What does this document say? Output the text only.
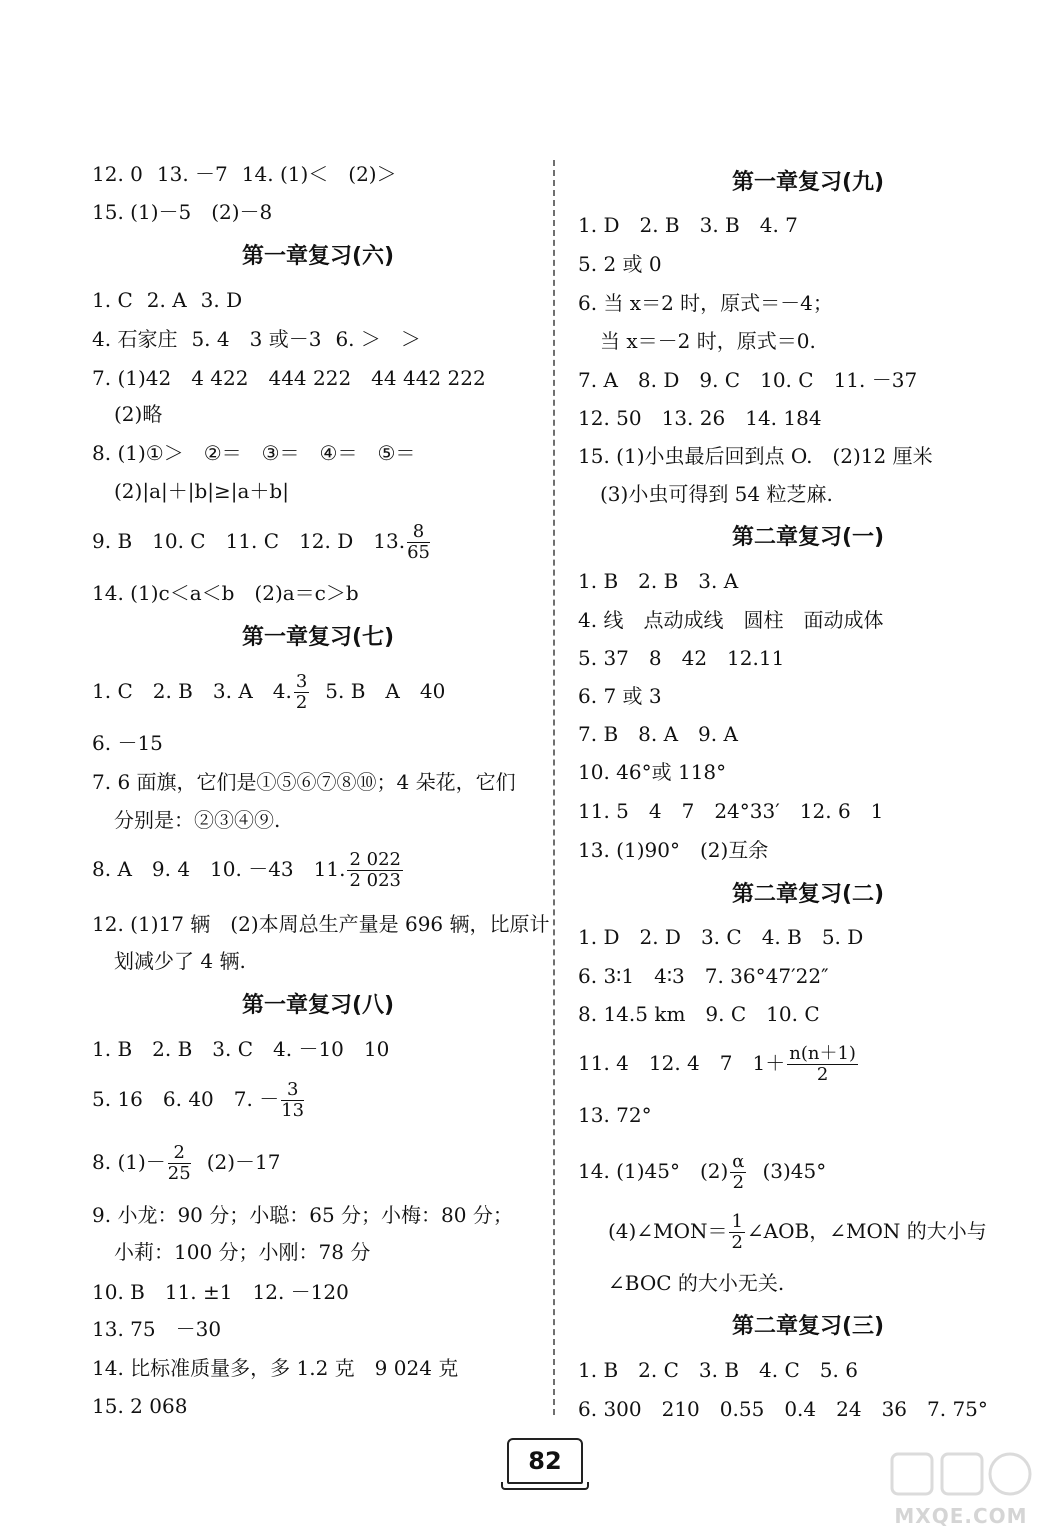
12. 0 13. －7 14. (1)＜　(2)＞
15. (1)－5　(2)－8
第一章复习(六)
1. C 2. A 3. D
4. 石家庄 5. 4　3 或－3 6. ＞　＞
7. (1)42　4 422　444 222　44 442 222
(2)略
8. (1)①＞　②＝　③＝　④＝　⑤＝
(2)|a|＋|b|≥|a＋b|
9. B　10. C　11. C　12. D　13. $\frac{8}{65}$
14. (1)c＜a＜b　(2)a＝c＞b
第一章复习(七)
1. C　2. B　3. A　4. $\frac{3}{2} 5$. B　A　40
6. －15
7. 6 面旗，它们是①⑤⑥⑦⑧⑩；4 朵花，它们
分别是：②③④⑨.
8. A　9. 4　10. －43　11. $\frac{2 022}{2 023}$
12. (1)17 辆　(2)本周总生产量是 696 辆，比原计
划减少了 4 辆.
第一章复习(八)
1. B　2. B　3. C　4. －10　10
5. 16　6. 40　7. － $\frac{3}{13}$
8. $(1)- \frac{2}{25} (2)-17$
9. 小龙：90 分；小聪：65 分；小梅：80 分；
小莉：100 分；小刚：78 分
10. B　11. ±1　12. －120
13. 75　－30
14. 比标准质量多，多 1.2 克　9 024 克
15. 2 068
第一章复习(九)
1. D　2. B　3. B　4. 7
5. 2 或 0
6. 当 x＝2 时，原式＝－4；
当 x＝－2 时，原式＝0.
7. A　8. D　9. C　10. C　11. －37
12. 50　13. 26　14. 184
15. (1)小虫最后回到点 O.　(2)12 厘米
(3)小虫可得到 54 粒芝麻.
第二章复习(一)
1. B　2. B　3. A
4. 线　点动成线　圆柱　面动成体
5. 37　8　42　12.11
6. 7 或 3
7. B　8. A　9. A
10. 46°或 118°
11. 5　4　7　24°33′　12. 6　1
13. (1)90°　(2)互余
第二章复习(二)
1. D　2. D　3. C　4. B　5. D
6. 3∶1　4∶3　7. 36°47′22″
8. 14.5 km　9. C　10. C
11. 4　12. 4　7　$1+ \frac{n(n+1)}{2}$
13. 72°
14. (1)45°　$(2) \frac{\alpha}{2} (3)45^\circ$
(4)∠MON＝ $\frac{1}{2}$ ∠AOB，∠MON 的大小与
∠BOC 的大小无关.
第二章复习(三)
1. B　2. C　3. B　4. C　5. 6
6. 300　210　0.55　0.4　24　36　7. 75°
82
MXQE.COM
